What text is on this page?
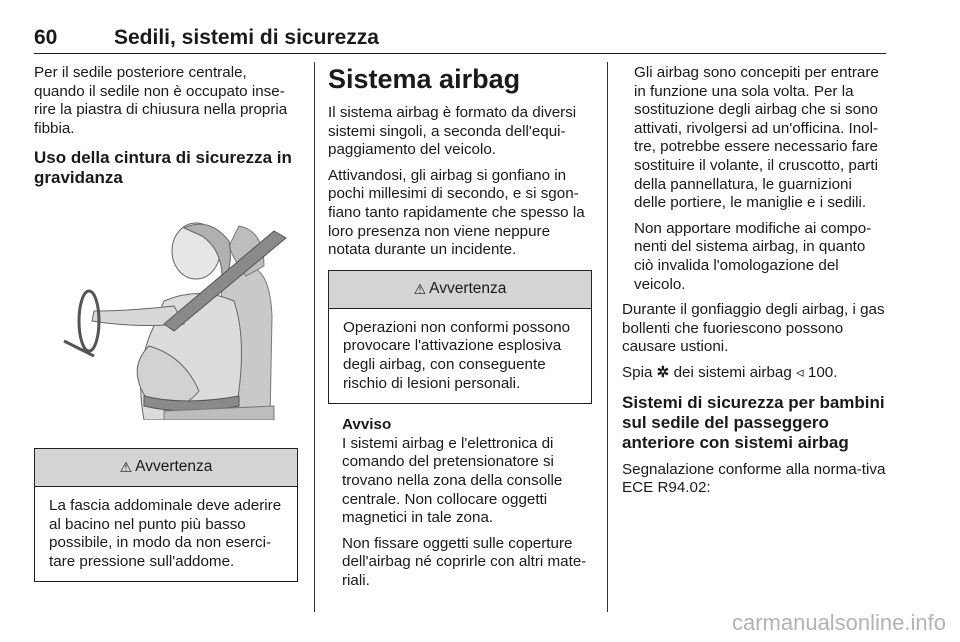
60	Sedili, sistemi di sicurezza

Per il sedile posteriore centrale, quando il sedile non è occupato inse-rire la piastra di chiusura nella propria fibbia.

Uso della cintura di sicurezza in gravidanza
⚠ Avvertenza
La fascia addominale deve aderire al bacino nel punto più basso possibile, in modo da non eserci-tare pressione sull'addome.
Sistema airbag

Il sistema airbag è formato da diversi sistemi singoli, a seconda dell'equi-paggiamento del veicolo.

Attivandosi, gli airbag si gonfiano in pochi millesimi di secondo, e si sgon-fiano tanto rapidamente che spesso la loro presenza non viene neppure notata durante un incidente.

⚠ Avvertenza
Operazioni non conformi possono provocare l'attivazione esplosiva degli airbag, con conseguente rischio di lesioni personali.
Avviso

I sistemi airbag e l'elettronica di comando del pretensionatore si trovano nella zona della consolle centrale. Non collocare oggetti magnetici in tale zona.

Non fissare oggetti sulle coperture dell'airbag né coprirle con altri mate-riali.

Gli airbag sono concepiti per entrare in funzione una sola volta. Per la sostituzione degli airbag che si sono attivati, rivolgersi ad un'officina. Inol-tre, potrebbe essere necessario fare sostituire il volante, il cruscotto, parti della pannellatura, le guarnizioni delle portiere, le maniglie e i sedili.

Non apportare modifiche ai compo-nenti del sistema airbag, in quanto ciò invalida l'omologazione del veicolo.

Durante il gonfiaggio degli airbag, i gas bollenti che fuoriescono possono causare ustioni.

Spia ✲ dei sistemi airbag ◃ 100.

Sistemi di sicurezza per bambini sul sedile del passeggero anteriore con sistemi airbag

Segnalazione conforme alla norma-tiva ECE R94.02:

carmanualsonline.info
